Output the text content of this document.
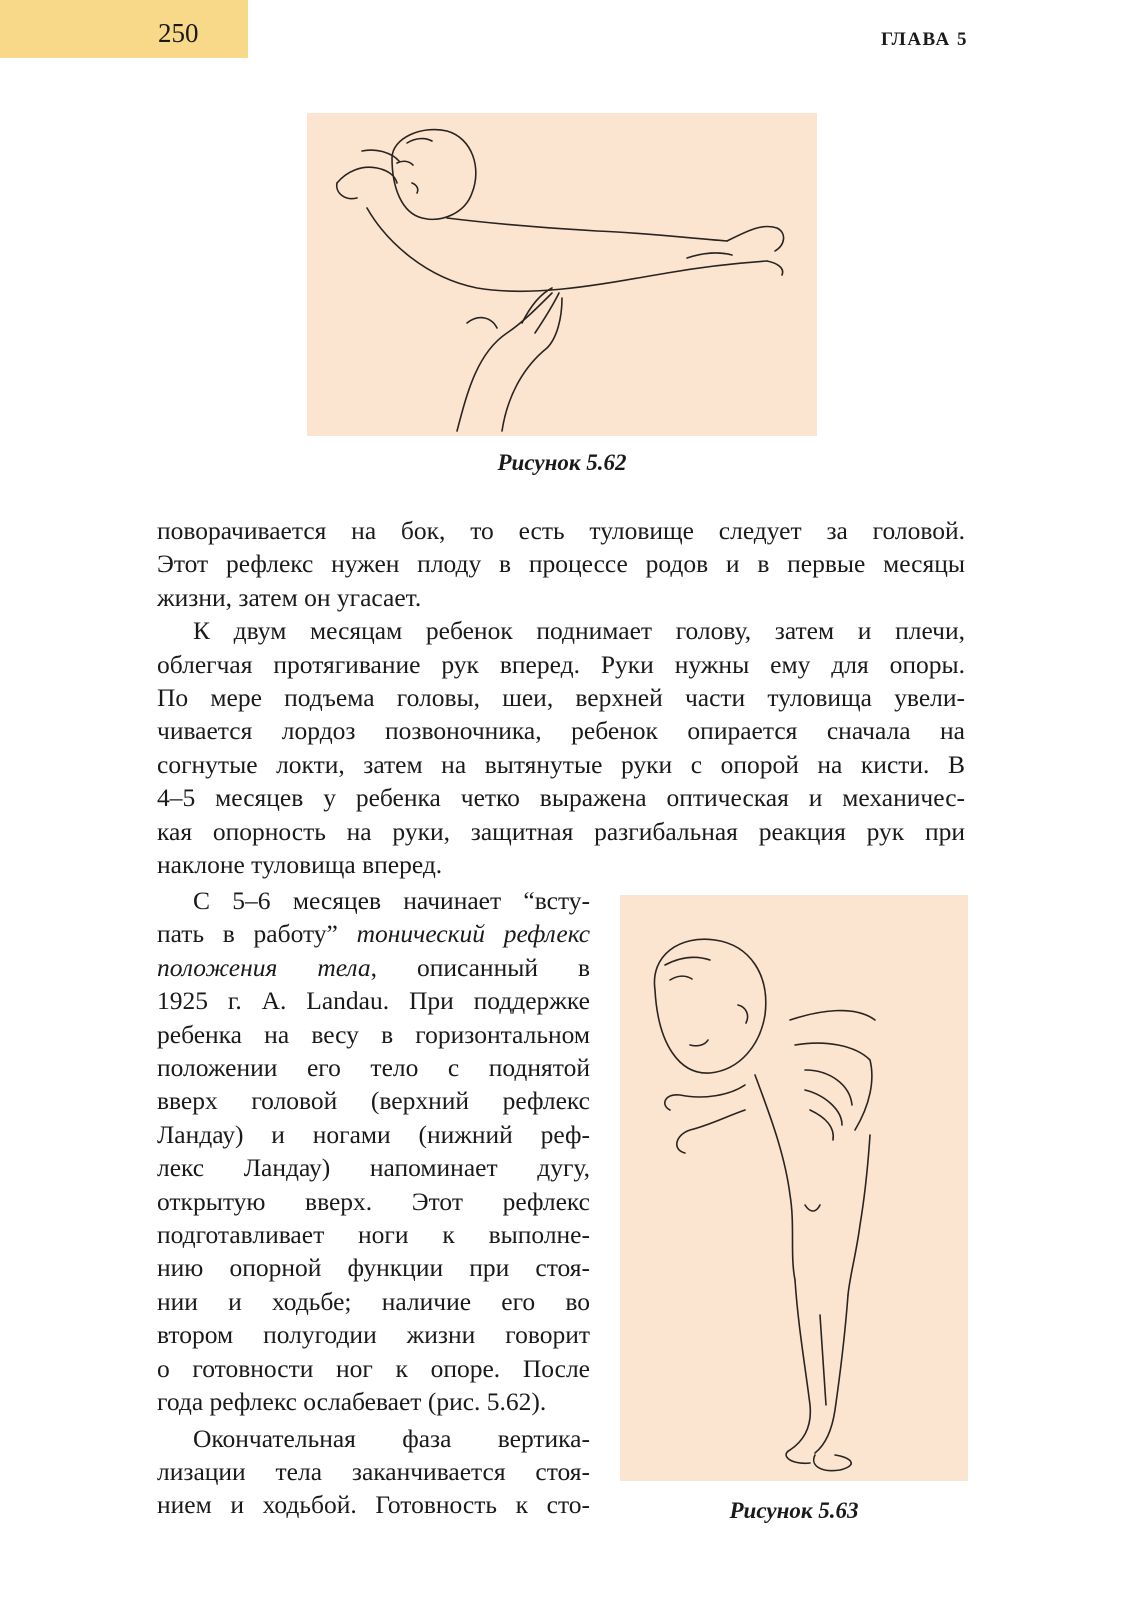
250	ГЛАВА 5
Рисунок 5.62

поворачивается на бок, то есть туловище следует за головой.
Этот рефлекс нужен плоду в процессе родов и в первые месяцы
жизни, затем он угасает.

К двум месяцам ребенок поднимает голову, затем и плечи,
облегчая протягивание рук вперед. Руки нужны ему для опоры.
По мере подъема головы, шеи, верхней части туловища увели-
чивается лордоз позвоночника, ребенок опирается сначала на
согнутые локти, затем на вытянутые руки с опорой на кисти. В
4–5 месяцев у ребенка четко выражена оптическая и механичес-
кая опорность на руки, защитная разгибальная реакция рук при
наклоне туловища вперед.

С 5–6 месяцев начинает “всту-
пать в работу” тонический рефлекс
положения тела, описанный в
1925 г. A. Landau. При поддержке
ребенка на весу в горизонтальном
положении его тело с поднятой
вверх головой (верхний рефлекс
Ландау) и ногами (нижний реф-
лекс Ландау) напоминает дугу,
открытую вверх. Этот рефлекс
подготавливает ноги к выполне-
нию опорной функции при стоя-
нии и ходьбе; наличие его во
втором полугодии жизни говорит
о готовности ног к опоре. После
года рефлекс ослабевает (рис. 5.62).

Окончательная фаза вертика-
лизации тела заканчивается стоя-
нием и ходьбой. Готовность к сто-	Рисунок 5.63
